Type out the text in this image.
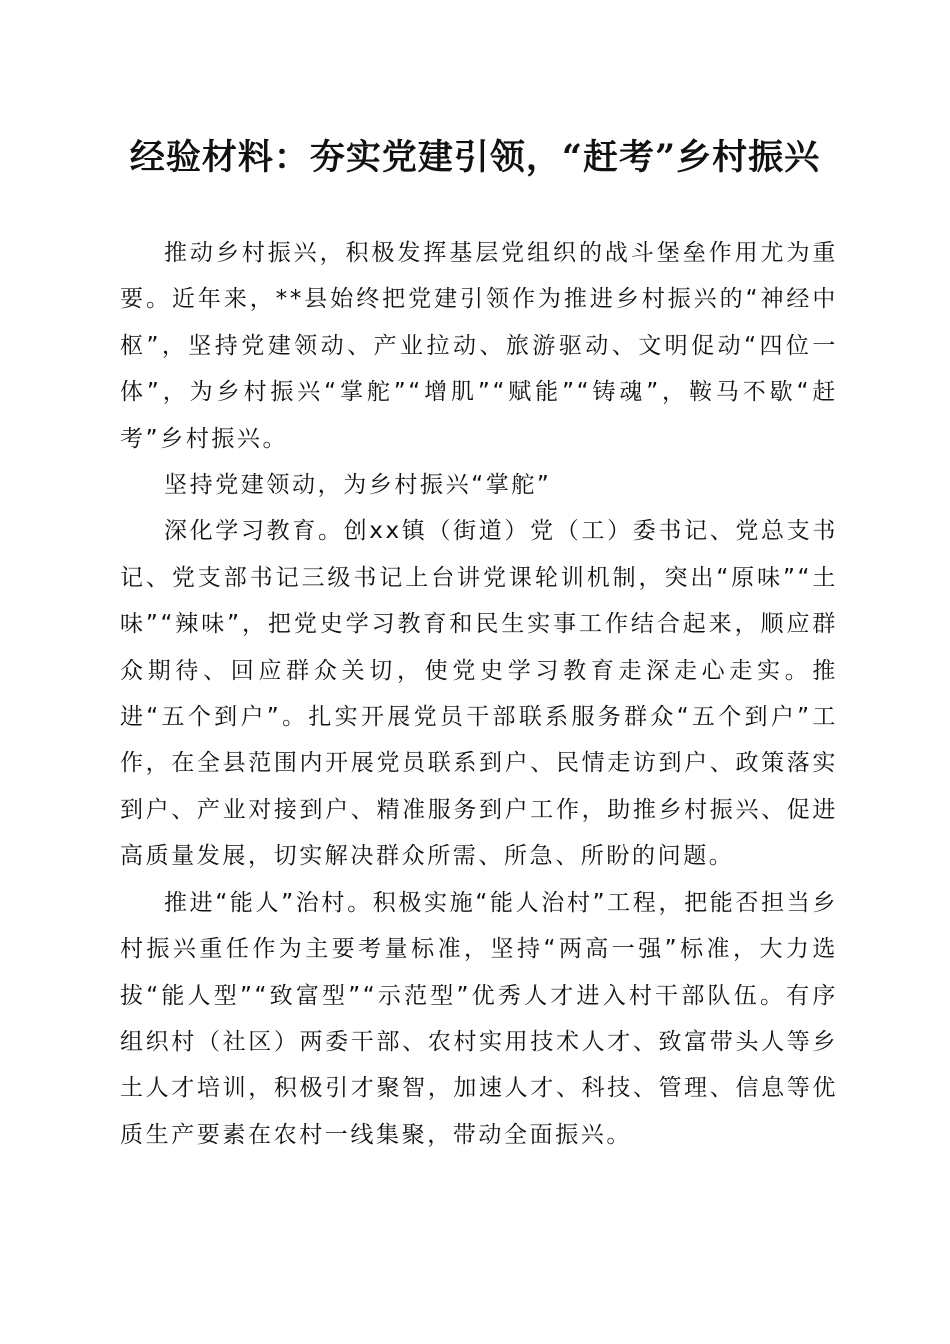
经验材料：夯实党建引领，“赶考”乡村振兴

推动乡村振兴，积极发挥基层党组织的战斗堡垒作用尤为重要。近年来，**县始终把党建引领作为推进乡村振兴的“神经中枢”，坚持党建领动、产业拉动、旅游驱动、文明促动“四位一体”，为乡村振兴“掌舵”“增肌”“赋能”“铸魂”，鞍马不歇“赶考”乡村振兴。

坚持党建领动，为乡村振兴“掌舵”

深化学习教育。创xx镇（街道）党（工）委书记、党总支书记、党支部书记三级书记上台讲党课轮训机制，突出“原味”“土味”“辣味”，把党史学习教育和民生实事工作结合起来，顺应群众期待、回应群众关切，使党史学习教育走深走心走实。推进“五个到户”。扎实开展党员干部联系服务群众“五个到户”工作，在全县范围内开展党员联系到户、民情走访到户、政策落实到户、产业对接到户、精准服务到户工作，助推乡村振兴、促进高质量发展，切实解决群众所需、所急、所盼的问题。

推进“能人”治村。积极实施“能人治村”工程，把能否担当乡村振兴重任作为主要考量标准，坚持“两高一强”标准，大力选拔“能人型”“致富型”“示范型”优秀人才进入村干部队伍。有序组织村（社区）两委干部、农村实用技术人才、致富带头人等乡土人才培训，积极引才聚智，加速人才、科技、管理、信息等优质生产要素在农村一线集聚，带动全面振兴。
